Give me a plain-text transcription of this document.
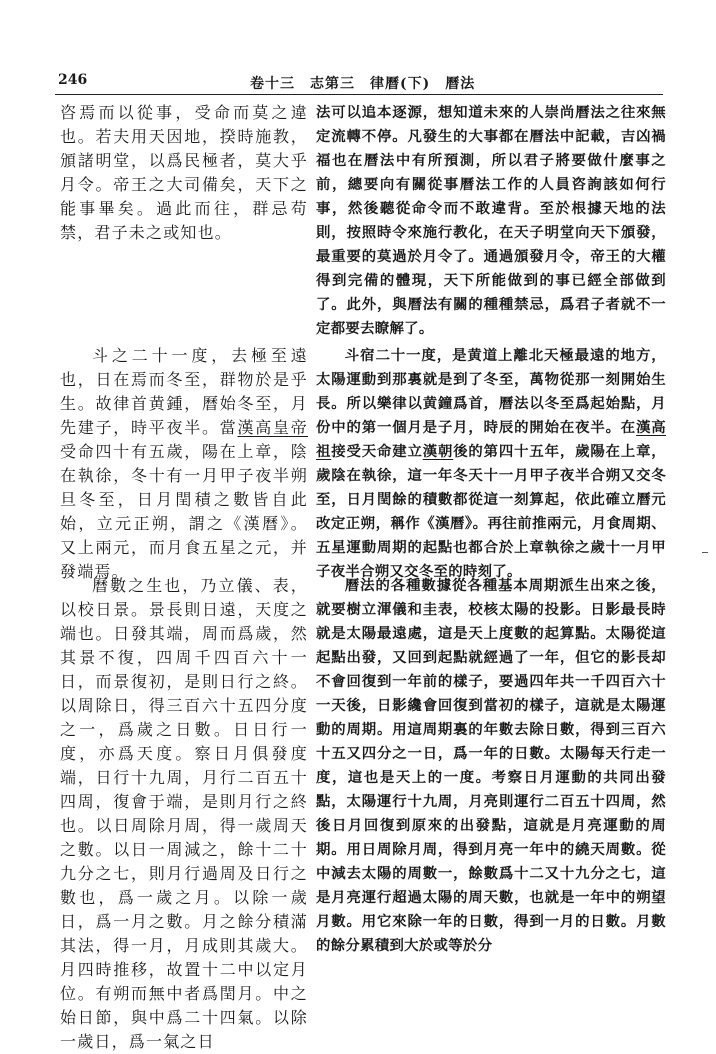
246	卷十三　志第三　律曆(下)　曆法

咨焉而以從事，受命而莫之違也。若夫用天因地，揆時施教，頒諸明堂，以爲民極者，莫大乎月令。帝王之大司備矣，天下之能事畢矣。過此而往，群忌苟禁，君子未之或知也。

斗之二十一度，去極至遠也，日在焉而冬至，群物於是乎生。故律首黄鍾，曆始冬至，月先建子，時平夜半。當漢高皇帝受命四十有五歲，陽在上章，陰在執徐，冬十有一月甲子夜半朔旦冬至，日月閏積之數皆自此始，立元正朔，謂之《漢曆》。又上兩元，而月食五星之元，并發端焉。

曆數之生也，乃立儀、表，以校日景。景長則日遠，天度之端也。日發其端，周而爲歲，然其景不復，四周千四百六十一日，而景復初，是則日行之終。以周除日，得三百六十五四分度之一，爲歲之日數。日日行一度，亦爲天度。察日月俱發度端，日行十九周，月行二百五十四周，復會于端，是則月行之終也。以日周除月周，得一歲周天之數。以日一周減之，餘十二十九分之七，則月行過周及日行之數也，爲一歲之月。以除一歲日，爲一月之數。月之餘分積滿其法，得一月，月成則其歲大。月四時推移，故置十二中以定月位。有朔而無中者爲閏月。中之始日節，與中爲二十四氣。以除一歲日，爲一氣之日

法可以追本逐源，想知道未來的人崇尚曆法之往來無定流轉不停。凡發生的大事都在曆法中記載，吉凶禍福也在曆法中有所預測，所以君子將要做什麼事之前，總要向有關從事曆法工作的人員咨詢該如何行事，然後聽從命令而不敢違背。至於根據天地的法則，按照時令來施行教化，在天子明堂向天下頒發，最重要的莫過於月令了。通過頒發月令，帝王的大權得到完備的體現，天下所能做到的事已經全部做到了。此外，與曆法有關的種種禁忌，爲君子者就不一定都要去瞭解了。

斗宿二十一度，是黄道上離北天極最遠的地方，太陽運動到那裏就是到了冬至，萬物從那一刻開始生長。所以樂律以黄鐘爲首，曆法以冬至爲起始點，月份中的第一個月是子月，時辰的開始在夜半。在漢高祖接受天命建立漢朝後的第四十五年，歲陽在上章，歲陰在執徐，這一年冬天十一月甲子夜半合朔又交冬至，日月閏餘的積數都從這一刻算起，依此確立曆元改定正朔，稱作《漢曆》。再往前推兩元，月食周期、五星運動周期的起點也都合於上章執徐之歲十一月甲子夜半合朔又交冬至的時刻了。

曆法的各種數據從各種基本周期派生出來之後，就要樹立渾儀和圭表，校核太陽的投影。日影最長時就是太陽最遠處，這是天上度數的起算點。太陽從這起點出發，又回到起點就經過了一年，但它的影長却不會回復到一年前的樣子，要過四年共一千四百六十一天後，日影纔會回復到當初的樣子，這就是太陽運動的周期。用這周期裏的年數去除日數，得到三百六十五又四分之一日，爲一年的日數。太陽每天行走一度，這也是天上的一度。考察日月運動的共同出發點，太陽運行十九周，月亮則運行二百五十四周，然後日月回復到原來的出發點，這就是月亮運動的周期。用日周除月周，得到月亮一年中的繞天周數。從中減去太陽的周數一，餘數爲十二又十九分之七，這是月亮運行超過太陽的周天數，也就是一年中的朔望月數。用它來除一年的日數，得到一月的日數。月數的餘分累積到大於或等於分
